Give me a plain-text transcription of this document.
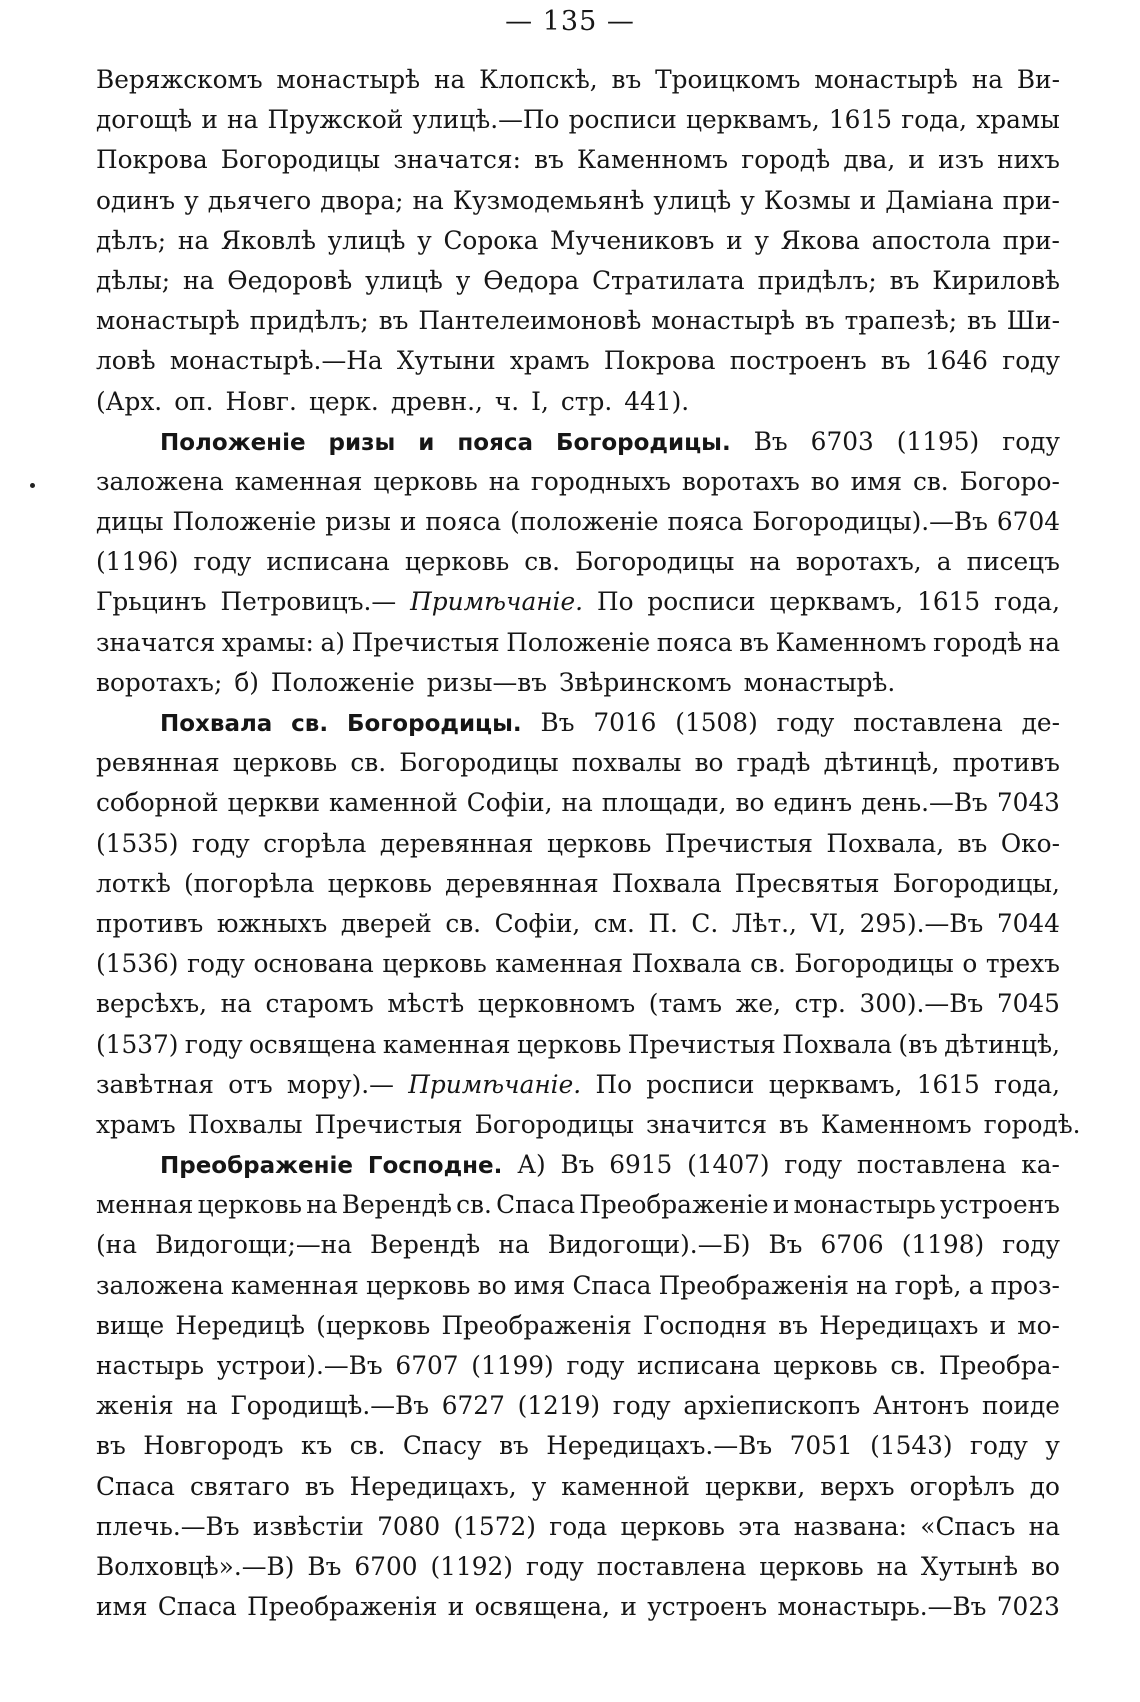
— 135 —
Веряжскомъ монастырѣ на Клопскѣ, въ Троицкомъ монастырѣ на Ви-
догощѣ и на Пружской улицѣ.—По росписи церквамъ, 1615 года, храмы
Покрова Богородицы значатся: въ Каменномъ городѣ два, и изъ нихъ
одинъ у дьячего двора; на Кузмодемьянѣ улицѣ у Козмы и Даміана при-
дѣлъ; на Яковлѣ улицѣ у Сорока Мучениковъ и у Якова апостола при-
дѣлы; на Ѳедоровѣ улицѣ у Ѳедора Стратилата придѣлъ; въ Кириловѣ
монастырѣ придѣлъ; въ Пантелеимоновѣ монастырѣ въ трапезѣ; въ Ши-
ловѣ монастырѣ.—На Хутыни храмъ Покрова построенъ въ 1646 году
(Арх. оп. Новг. церк. древн., ч. I, стр. 441).
Положеніе ризы и пояса Богородицы. Въ 6703 (1195) году
заложена каменная церковь на городныхъ воротахъ во имя св. Богоро-
дицы Положеніе ризы и пояса (положеніе пояса Богородицы).—Въ 6704
(1196) году исписана церковь св. Богородицы на воротахъ, а писецъ
Грьцинъ Петровицъ.— Примѣчаніе. По росписи церквамъ, 1615 года,
значатся храмы: а) Пречистыя Положеніе пояса въ Каменномъ городѣ на
воротахъ; б) Положеніе ризы—въ Звѣринскомъ монастырѣ.
Похвала св. Богородицы. Въ 7016 (1508) году поставлена де-
ревянная церковь св. Богородицы похвалы во градѣ дѣтинцѣ, противъ
соборной церкви каменной Софіи, на площади, во единъ день.—Въ 7043
(1535) году сгорѣла деревянная церковь Пречистыя Похвала, въ Око-
лоткѣ (погорѣла церковь деревянная Похвала Пресвятыя Богородицы,
противъ южныхъ дверей св. Софіи, см. П. С. Лѣт., VI, 295).—Въ 7044
(1536) году основана церковь каменная Похвала св. Богородицы о трехъ
версѣхъ, на старомъ мѣстѣ церковномъ (тамъ же, стр. 300).—Въ 7045
(1537) году освящена каменная церковь Пречистыя Похвала (въ дѣтинцѣ,
завѣтная отъ мору).— Примѣчаніе. По росписи церквамъ, 1615 года,
храмъ Похвалы Пречистыя Богородицы значится въ Каменномъ городѣ.
Преображеніе Господне. А) Въ 6915 (1407) году поставлена ка-
менная церковь на Верендѣ св. Спаса Преображеніе и монастырь устроенъ
(на Видогощи;—на Верендѣ на Видогощи).—Б) Въ 6706 (1198) году
заложена каменная церковь во имя Спаса Преображенія на горѣ, а проз-
вище Нередицѣ (церковь Преображенія Господня въ Нередицахъ и мо-
настырь устрои).—Въ 6707 (1199) году исписана церковь св. Преобра-
женія на Городищѣ.—Въ 6727 (1219) году архіепископъ Антонъ поиде
въ Новгородъ къ св. Спасу въ Нередицахъ.—Въ 7051 (1543) году у
Спаса святаго въ Нередицахъ, у каменной церкви, верхъ огорѣлъ до
плечь.—Въ извѣстіи 7080 (1572) года церковь эта названа: «Спасъ на
Волховцѣ».—В) Въ 6700 (1192) году поставлена церковь на Хутынѣ во
имя Спаса Преображенія и освящена, и устроенъ монастырь.—Въ 7023
